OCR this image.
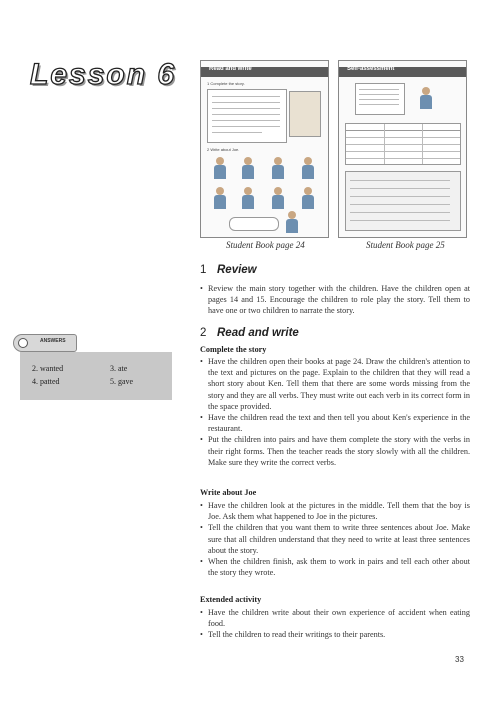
Lesson 6	Read and write
1 Complete the story.
2 Write about Joe.
Student Book page 24
Self-assessment
Student Book page 25
1 Review

• Review the main story together with the children. Have the children open at pages 14 and 15. Encourage the children to role play the story. Tell them to have one or two children to narrate the story.

ANSWERS
2. wanted	3. ate
4. patted	5. gave
2 Read and write
Complete the story

• Have the children open their books at page 24. Draw the children's attention to the text and pictures on the page. Explain to the children that they will read a short story about Ken. Tell them that there are some words missing from the story and they are all verbs. They must write out each verb in its correct form in the space provided.

• Have the children read the text and then tell you about Ken's experience in the restaurant.

• Put the children into pairs and have them complete the story with the verbs in their right forms. Then the teacher reads the story slowly with all the children. Make sure they write the correct verbs.

Write about Joe

• Have the children look at the pictures in the middle. Tell them that the boy is Joe. Ask them what happened to Joe in the pictures.

• Tell the children that you want them to write three sentences about Joe. Make sure that all children understand that they need to write at least three sentences about the story.

• When the children finish, ask them to work in pairs and tell each other about the story they wrote.

Extended activity

• Have the children write about their own experience of accident when eating food.

• Tell the children to read their writings to their parents.

33
